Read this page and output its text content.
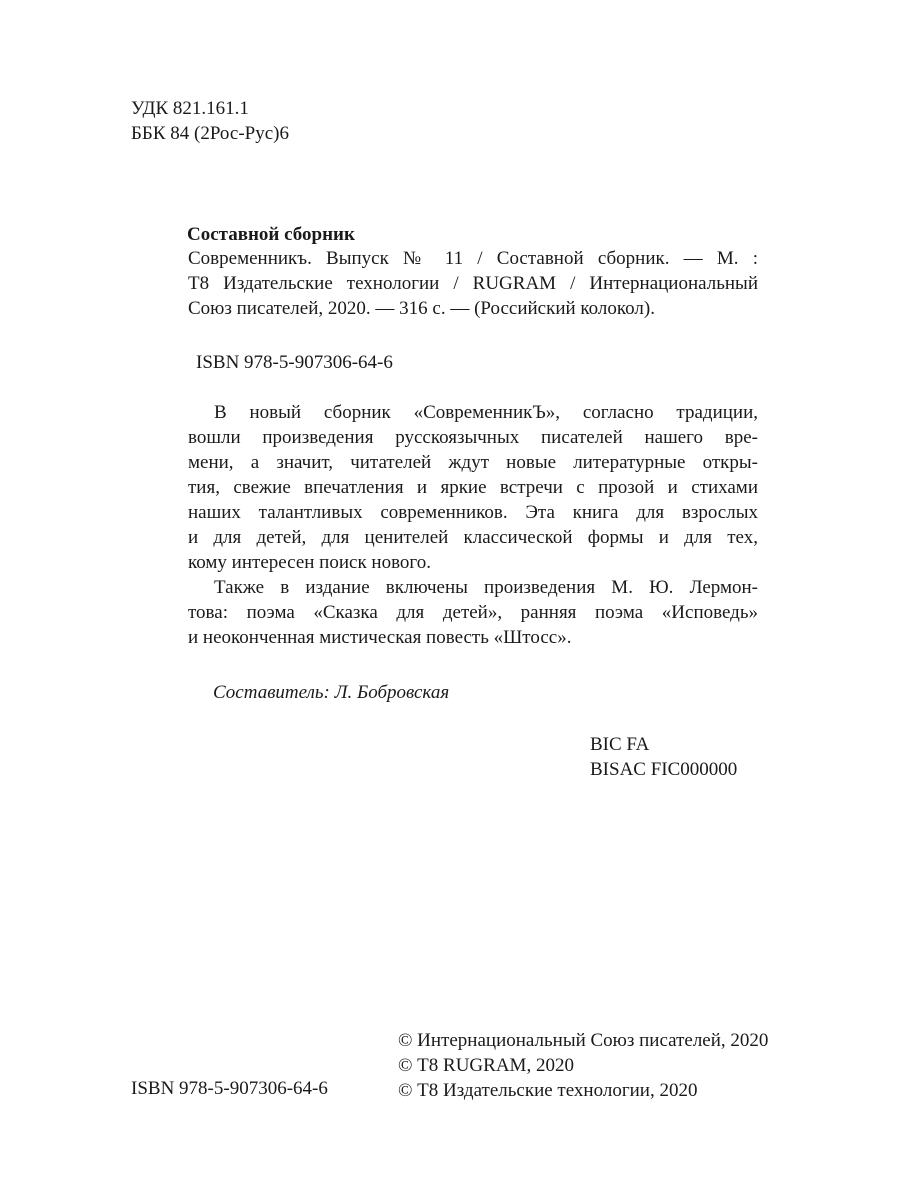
УДК 821.161.1
ББК 84 (2Рос-Рус)6
Составной сборник
Современникъ. Выпуск № 11 / Составной сборник. — М. :
Т8 Издательские технологии / RUGRAM / Интернациональный
Союз писателей, 2020. — 316 с. — (Российский колокол).
ISBN 978-5-907306-64-6
В новый сборник «СовременникЪ», согласно традиции,
вошли произведения русскоязычных писателей нашего вре-
мени, а значит, читателей ждут новые литературные откры-
тия, свежие впечатления и яркие встречи с прозой и стихами
наших талантливых современников. Эта книга для взрослых
и для детей, для ценителей классической формы и для тех,
кому интересен поиск нового.
Также в издание включены произведения М. Ю. Лермон-
това: поэма «Сказка для детей», ранняя поэма «Исповедь»
и неоконченная мистическая повесть «Штосс».
Составитель: Л. Бобровская
BIC FA
BISAC FIC000000
ISBN 978-5-907306-64-6
© Интернациональный Союз писателей, 2020
© Т8 RUGRAM, 2020
© Т8 Издательские технологии, 2020
